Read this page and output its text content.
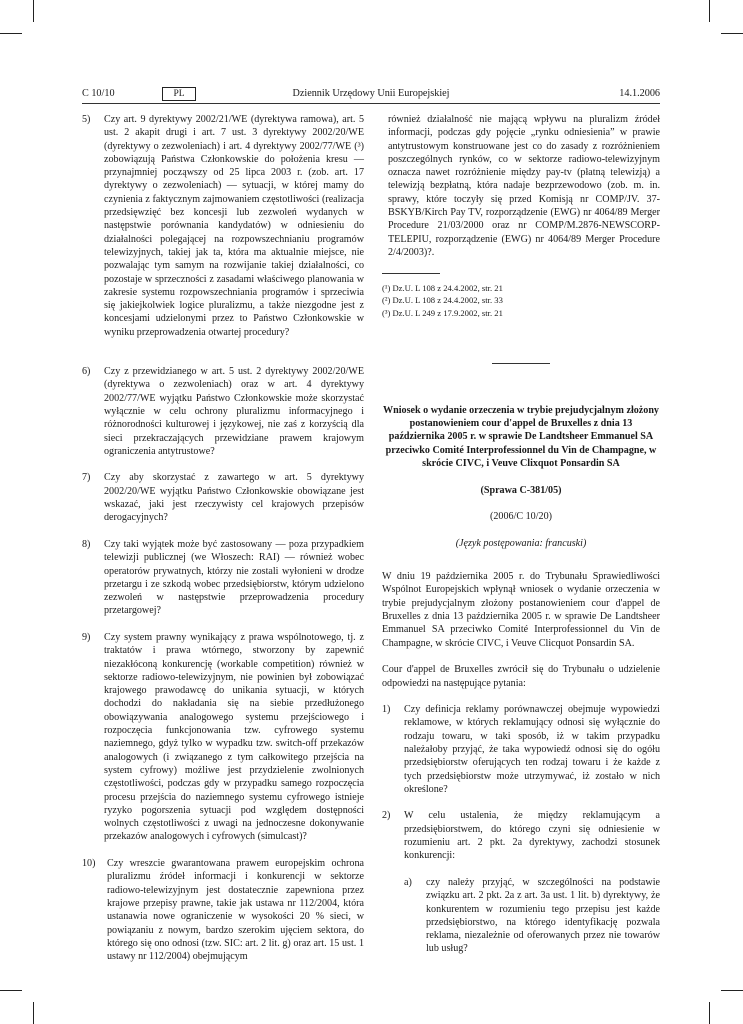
C 10/10	PL	Dziennik Urzędowy Unii Europejskiej	14.1.2006
5) Czy art. 9 dyrektywy 2002/21/WE (dyrektywa ramowa), art. 5 ust. 2 akapit drugi i art. 7 ust. 3 dyrektywy 2002/20/WE (dyrektywy o zezwoleniach) i art. 4 dyrektywy 2002/77/WE (³) zobowiązują Państwa Członkowskie do położenia kresu — przynajmniej począwszy od 25 lipca 2003 r. (zob. art. 17 dyrektywy o zezwoleniach) — sytuacji, w której mamy do czynienia z faktycznym zajmowaniem częstotliwości (realizacja przedsięwzięć bez koncesji lub zezwoleń wydanych w następstwie porównania kandydatów) w odniesieniu do działalności polegającej na rozpowszechnianiu programów telewizyjnych, takiej jak ta, która ma aktualnie miejsce, nie pozwalając tym samym na rozwijanie takiej działalności, co pozostaje w sprzeczności z zasadami właściwego planowania w zakresie systemu rozpowszechniania programów i sprzeciwia się jakiejkolwiek logice pluralizmu, a także niezgodne jest z koncesjami udzielonymi przez to Państwo Członkowskie w wyniku przeprowadzenia otwartej procedury?
6) Czy z przewidzianego w art. 5 ust. 2 dyrektywy 2002/20/WE (dyrektywa o zezwoleniach) oraz w art. 4 dyrektywy 2002/77/WE wyjątku Państwo Członkowskie może skorzystać wyłącznie w celu ochrony pluralizmu informacyjnego i różnorodności kulturowej i językowej, nie zaś z korzyścią dla sieci przekraczających przewidziane prawem krajowym ograniczenia antytrustowe?
7) Czy aby skorzystać z zawartego w art. 5 dyrektywy 2002/20/WE wyjątku Państwo Członkowskie obowiązane jest wskazać, jaki jest rzeczywisty cel krajowych przepisów derogacyjnych?
8) Czy taki wyjątek może być zastosowany — poza przypadkiem telewizji publicznej (we Włoszech: RAI) — również wobec operatorów prywatnych, którzy nie zostali wyłonieni w drodze przetargu i ze szkodą wobec przedsiębiorstw, którym udzielono zezwoleń w następstwie przeprowadzenia procedury przetargowej?
9) Czy system prawny wynikający z prawa wspólnotowego, tj. z traktatów i prawa wtórnego, stworzony by zapewnić niezakłóconą konkurencję (workable competition) również w sektorze radiowo-telewizyjnym, nie powinien był zobowiązać krajowego prawodawcę do unikania sytuacji, w których dochodzi do nakładania się na siebie przedłużonego obowiązywania analogowego systemu przejściowego i rozpoczęcia funkcjonowania tzw. cyfrowego systemu naziemnego, gdyż tylko w wypadku tzw. switch-off przekazów analogowych (i związanego z tym całkowitego przejścia na system cyfrowy) możliwe jest przydzielenie zwolnionych częstotliwości, podczas gdy w przypadku samego rozpoczęcia procesu przejścia do naziemnego systemu cyfrowego istnieje ryzyko pogorszenia sytuacji pod względem dostępności wolnych częstotliwości z uwagi na jednoczesne dokonywanie przekazów analogowych i cyfrowych (simulcast)?
10) Czy wreszcie gwarantowana prawem europejskim ochrona pluralizmu źródeł informacji i konkurencji w sektorze radiowo-telewizyjnym jest dostatecznie zapewniona przez krajowe przepisy prawne, takie jak ustawa nr 112/2004, która ustanawia nowe ograniczenie w wysokości 20 % sieci, w powiązaniu z nowym, bardzo szerokim ujęciem sektora, do którego się ono odnosi (tzw. SIC: art. 2 lit. g) oraz art. 15 ust. 1 ustawy nr 112/2004) obejmującym
również działalność nie mającą wpływu na pluralizm źródeł informacji, podczas gdy pojęcie „rynku odniesienia” w prawie antytrustowym konstruowane jest co do zasady z rozróżnieniem poszczególnych rynków, co w sektorze radiowo-telewizyjnym oznacza nawet rozróżnienie między pay-tv (płatną telewizją) a telewizją bezpłatną, która nadaje bezprzewodowo (zob. m. in. sprawy, które toczyły się przed Komisją nr COMP/JV. 37-BSKYB/Kirch Pay TV, rozporządzenie (EWG) nr 4064/89 Merger Procedure 21/03/2000 oraz nr COMP/M.2876-NEWSCORP-TELEPIU, rozporządzenie (EWG) nr 4064/89 Merger Procedure 2/4/2003)?.
(¹) Dz.U. L 108 z 24.4.2002, str. 21
(²) Dz.U. L 108 z 24.4.2002, str. 33
(³) Dz.U. L 249 z 17.9.2002, str. 21
Wniosek o wydanie orzeczenia w trybie prejudycjalnym złożony postanowieniem cour d'appel de Bruxelles z dnia 13 października 2005 r. w sprawie De Landtsheer Emmanuel SA przeciwko Comité Interprofessionnel du Vin de Champagne, w skrócie CIVC, i Veuve Clixquot Ponsardin SA
(Sprawa C-381/05)
(2006/C 10/20)
(Język postępowania: francuski)
W dniu 19 października 2005 r. do Trybunału Sprawiedliwości Wspólnot Europejskich wpłynął wniosek o wydanie orzeczenia w trybie prejudycjalnym złożony postanowieniem cour d'appel de Bruxelles z dnia 13 października 2005 r. w sprawie De Landtsheer Emmanuel SA przeciwko Comité Interprofessionnel du Vin de Champagne, w skrócie CIVC, i Veuve Clicquot Ponsardin SA.
Cour d'appel de Bruxelles zwrócił się do Trybunału o udzielenie odpowiedzi na następujące pytania:
1) Czy definicja reklamy porównawczej obejmuje wypowiedzi reklamowe, w których reklamujący odnosi się wyłącznie do rodzaju towaru, w taki sposób, iż w takim przypadku należałoby przyjąć, że taka wypowiedź odnosi się do ogółu przedsiębiorstw oferujących ten rodzaj towaru i że każde z tych przedsiębiorstw może utrzymywać, iż zostało w nich określone?
2) W celu ustalenia, że między reklamującym a przedsiębiorstwem, do którego czyni się odniesienie w rozumieniu art. 2 pkt. 2a dyrektywy, zachodzi stosunek konkurencji:
a) czy należy przyjąć, w szczególności na podstawie związku art. 2 pkt. 2a z art. 3a ust. 1 lit. b) dyrektywy, że konkurentem w rozumieniu tego przepisu jest każde przedsiębiorstwo, na którego identyfikację pozwala reklama, niezależnie od oferowanych przez nie towarów lub usług?
